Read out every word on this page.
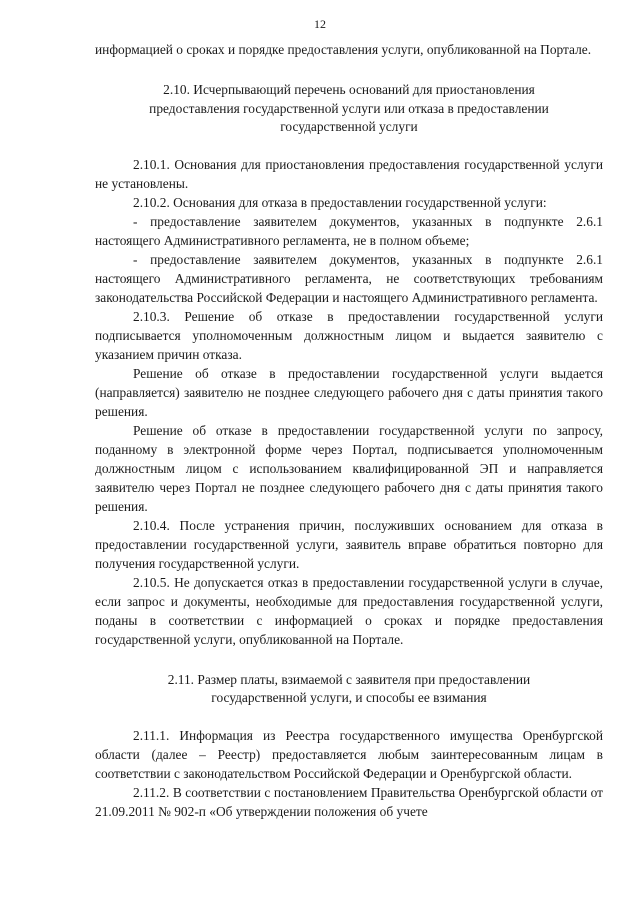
12

информацией о сроках и порядке предоставления услуги, опубликованной на Портале.

2.10. Исчерпывающий перечень оснований для приостановления
предоставления государственной услуги или отказа в предоставлении
государственной услуги

2.10.1. Основания для приостановления предоставления государственной услуги не установлены.

2.10.2. Основания для отказа в предоставлении государственной услуги:

- предоставление заявителем документов, указанных в подпункте 2.6.1 настоящего Административного регламента, не в полном объеме;

- предоставление заявителем документов, указанных в подпункте 2.6.1 настоящего Административного регламента, не соответствующих требованиям законодательства Российской Федерации и настоящего Административного регламента.

2.10.3. Решение об отказе в предоставлении государственной услуги подписывается уполномоченным должностным лицом и выдается заявителю с указанием причин отказа.

Решение об отказе в предоставлении государственной услуги выдается (направляется) заявителю не позднее следующего рабочего дня с даты принятия такого решения.

Решение об отказе в предоставлении государственной услуги по запросу, поданному в электронной форме через Портал, подписывается уполномоченным должностным лицом с использованием квалифицированной ЭП и направляется заявителю через Портал не позднее следующего рабочего дня с даты принятия такого решения.

2.10.4. После устранения причин, послуживших основанием для отказа в предоставлении государственной услуги, заявитель вправе обратиться повторно для получения государственной услуги.

2.10.5. Не допускается отказ в предоставлении государственной услуги в случае, если запрос и документы, необходимые для предоставления государственной услуги, поданы в соответствии с информацией о сроках и порядке предоставления государственной услуги, опубликованной на Портале.

2.11. Размер платы, взимаемой с заявителя при предоставлении
государственной услуги, и способы ее взимания

2.11.1. Информация из Реестра государственного имущества Оренбургской области (далее – Реестр) предоставляется любым заинтересованным лицам в соответствии с законодательством Российской Федерации и Оренбургской области.

2.11.2. В соответствии с постановлением Правительства Оренбургской области от 21.09.2011 № 902-п «Об утверждении положения об учете
